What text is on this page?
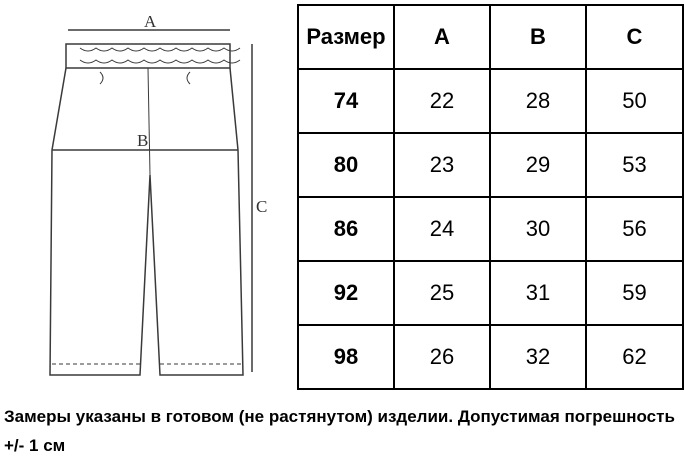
A
B
C
Размер	A	B	C
74	22	28	50
80	23	29	53
86	24	30	56
92	25	31	59
98	26	32	62

Замеры указаны в готовом (не растянутом) изделии. Допустимая погрешность +/- 1 см
